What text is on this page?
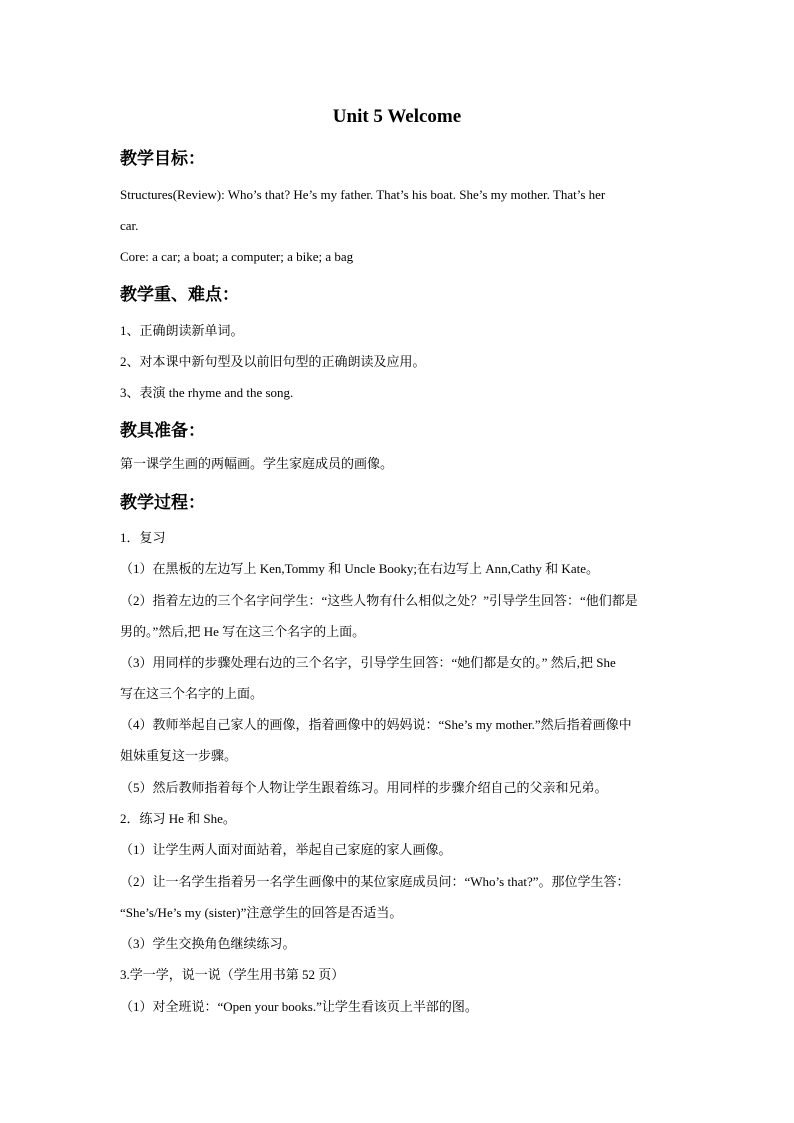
Unit 5 Welcome
教学目标：
Structures(Review): Who’s that? He’s my father. That’s his boat. She’s my mother. That’s her
car.
Core: a car; a boat; a computer; a bike; a bag
教学重、难点：
1、正确朗读新单词。
2、对本课中新句型及以前旧句型的正确朗读及应用。
3、表演 the rhyme and the song.
教具准备：
第一课学生画的两幅画。学生家庭成员的画像。
教学过程：
1．复习
（1）在黑板的左边写上 Ken,Tommy 和 Uncle Booky;在右边写上 Ann,Cathy 和 Kate。
（2）指着左边的三个名字问学生：“这些人物有什么相似之处？”引导学生回答：“他们都是
男的。”然后,把 He 写在这三个名字的上面。
（3）用同样的步骤处理右边的三个名字，引导学生回答：“她们都是女的。” 然后,把 She
写在这三个名字的上面。
（4）教师举起自己家人的画像，指着画像中的妈妈说：“She’s my mother.”然后指着画像中
姐妹重复这一步骤。
（5）然后教师指着每个人物让学生跟着练习。用同样的步骤介绍自己的父亲和兄弟。
2．练习 He 和 She。
（1）让学生两人面对面站着，举起自己家庭的家人画像。
（2）让一名学生指着另一名学生画像中的某位家庭成员问：“Who’s that?”。那位学生答：
“She’s/He’s my (sister)”注意学生的回答是否适当。
（3）学生交换角色继续练习。
3.学一学，说一说（学生用书第 52 页）
（1）对全班说：“Open your books.”让学生看该页上半部的图。
